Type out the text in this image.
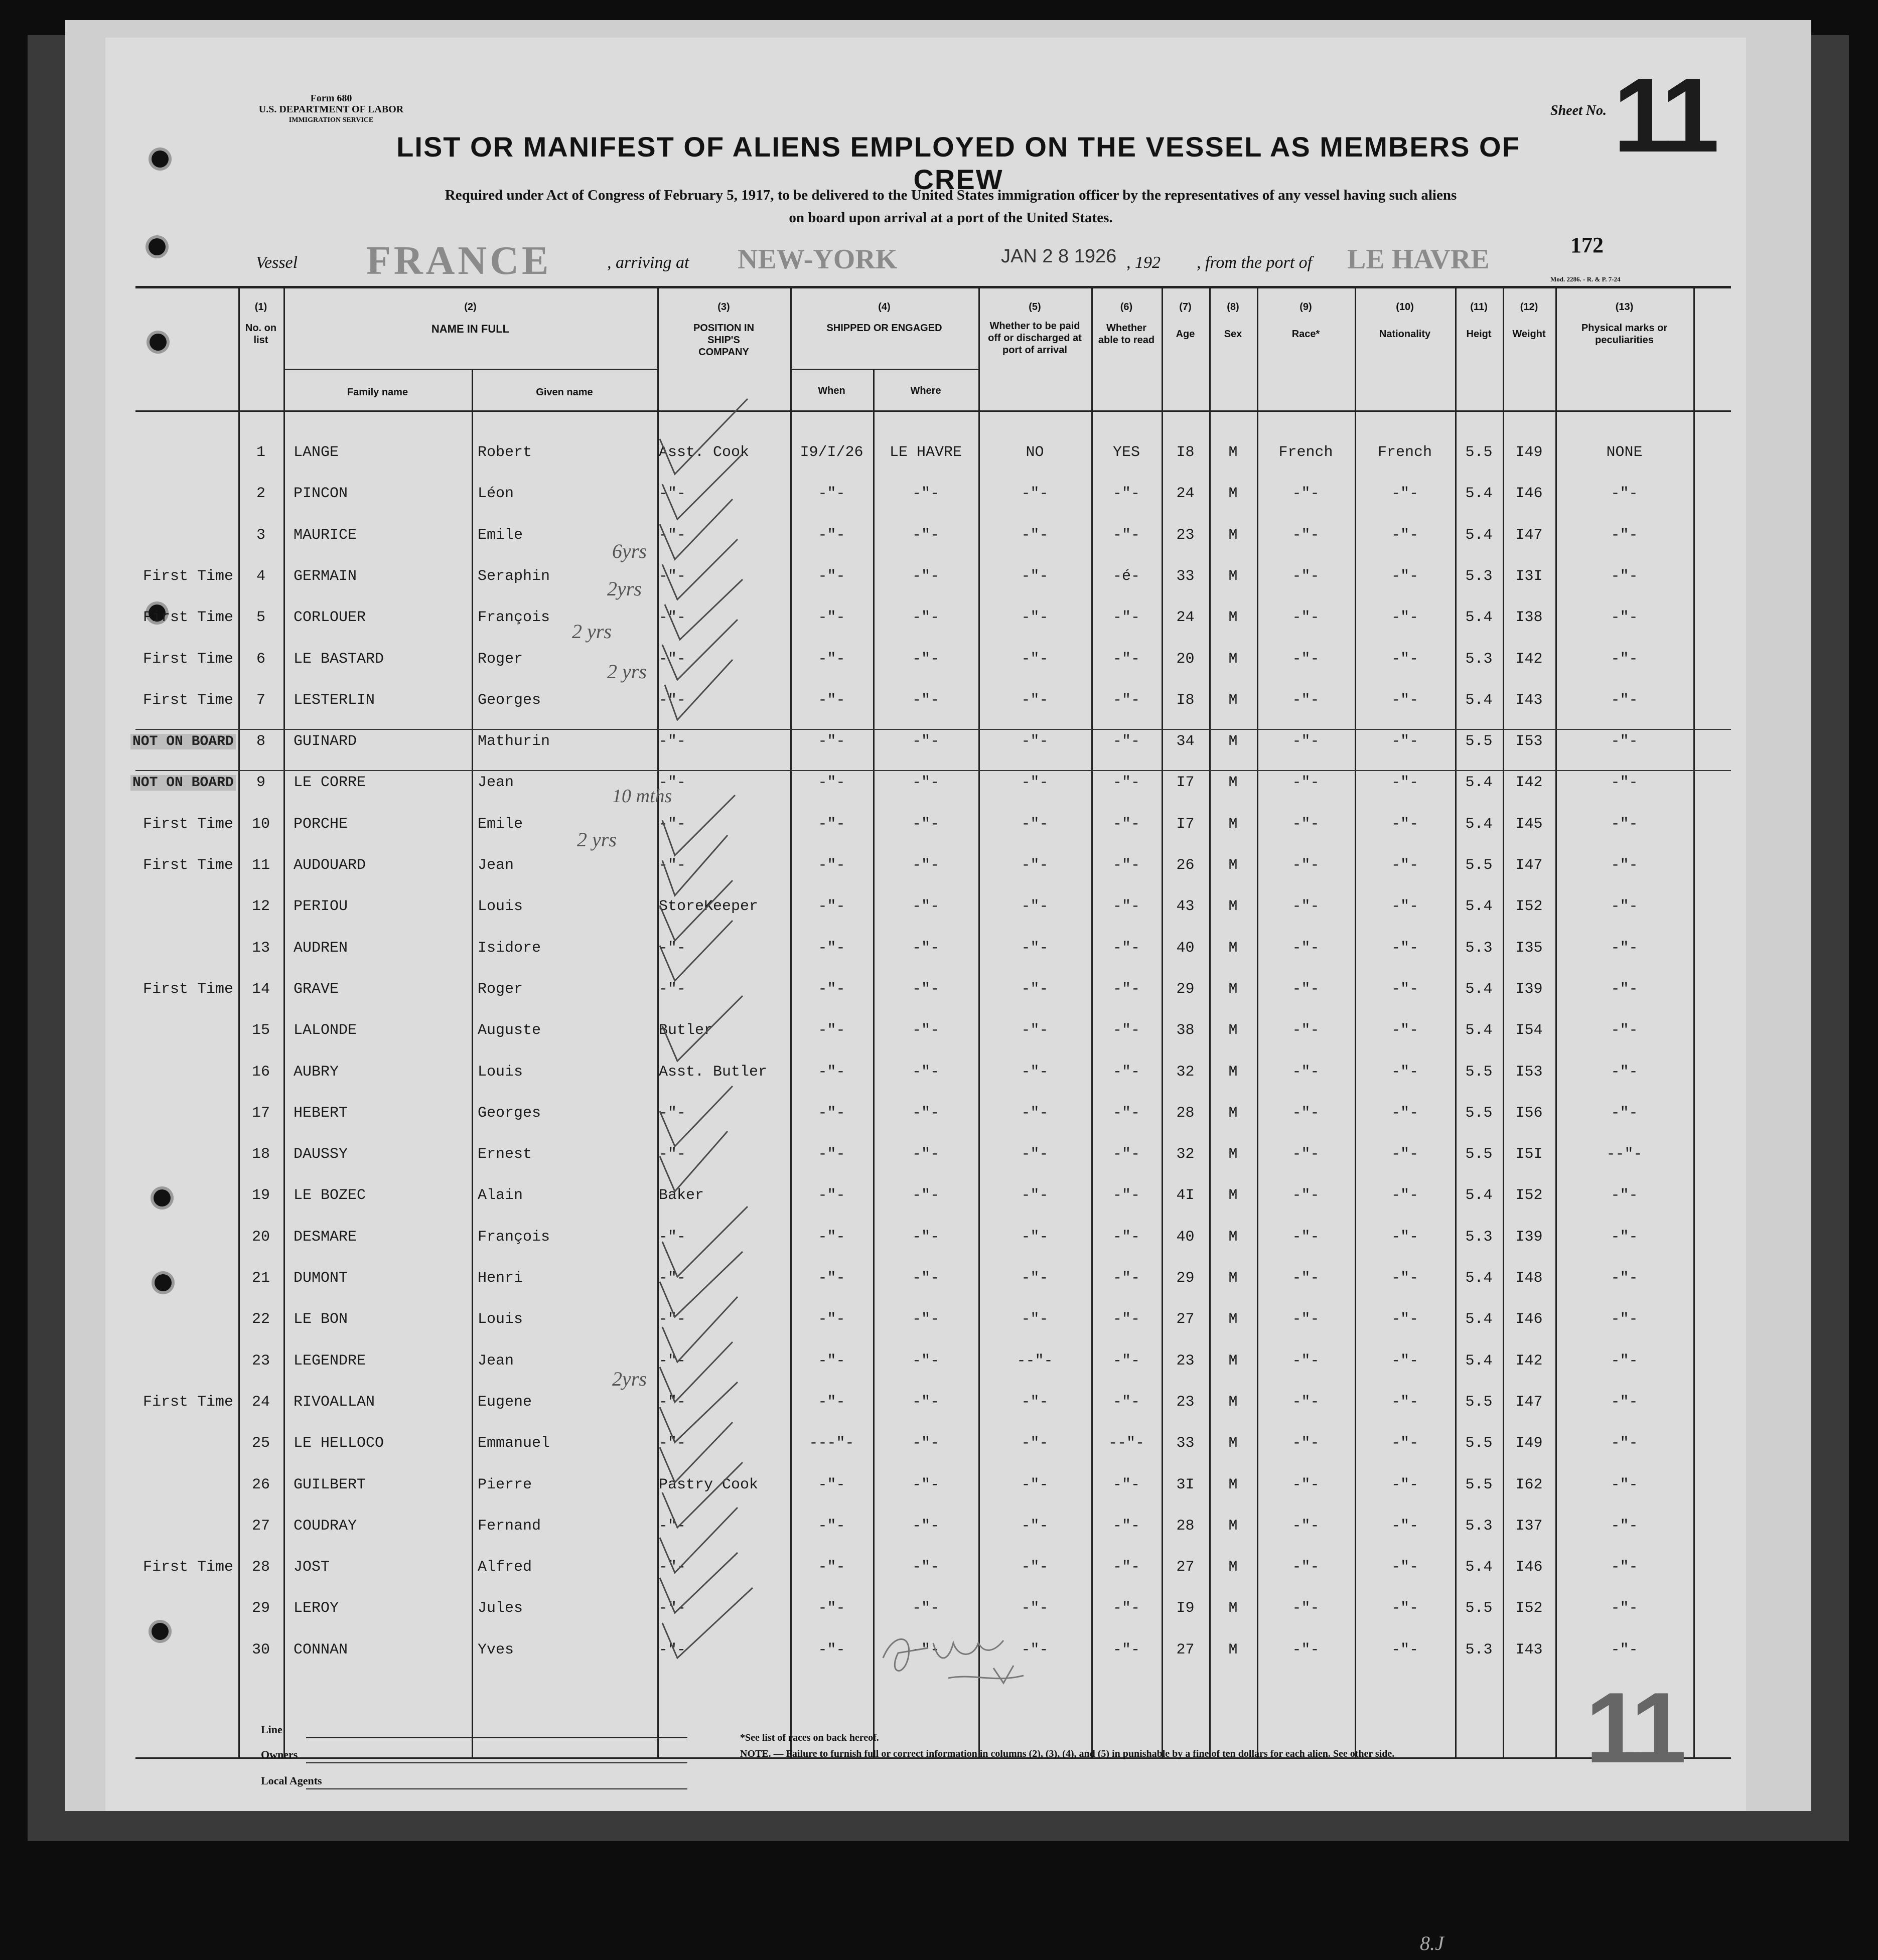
Form 680
U.S. DEPARTMENT OF LABOR
IMMIGRATION SERVICE
Sheet No. 11
LIST OR MANIFEST OF ALIENS EMPLOYED ON THE VESSEL AS MEMBERS OF CREW
Required under Act of Congress of February 5, 1917, to be delivered to the United States immigration officer by the representatives of any vessel having such aliens
on board upon arrival at a port of the United States.
172
Vessel FRANCE	, arriving at NEW-YORK	JAN 2 8 1926 , 192 , from the port of LE HAVRE
Mod. 2286. - R. & P. 7-24
(1)
No. on list
(2)
NAME IN FULL
Family name	Given name
(3)
POSITION IN SHIP'S COMPANY
(4)
SHIPPED OR ENGAGED
When	Where
(5)
Whether to be paid off or discharged at port of arrival
(6)
Whether able to read
(7)
Age
(8)
Sex
(9)
Race*
(10)
Nationality
(11)
Heigt
(12)
Weight
(13)
Physical marks or peculiarities
1	LANGE	Robert	Asst. Cook	I9/I/26	LE HAVRE	NO	YES	I8	M	French	French	5.5	I49	NONE
2	PINCON	Léon	-"-	-"-	-"-	-"-	-"-	24	M	-"-	-"-	5.4	I46	-"-
3	MAURICE	Emile	-"-	-"-	-"-	-"-	-"-	23	M	-"-	-"-	5.4	I47	-"-
First Time	4	GERMAIN	Seraphin	-"-	-"-	-"-	-"-	-é-	33	M	-"-	-"-	5.3	I3I	-"-
First Time	5	CORLOUER	François	-"-	-"-	-"-	-"-	-"-	24	M	-"-	-"-	5.4	I38	-"-
First Time	6	LE BASTARD	Roger	-"-	-"-	-"-	-"-	-"-	20	M	-"-	-"-	5.3	I42	-"-
First Time	7	LESTERLIN	Georges	-"-	-"-	-"-	-"-	-"-	I8	M	-"-	-"-	5.4	I43	-"-
NOT ON BOARD	8	GUINARD	Mathurin	-"-	-"-	-"-	-"-	-"-	34	M	-"-	-"-	5.5	I53	-"-
NOT ON BOARD	9	LE CORRE	Jean	-"-	-"-	-"-	-"-	-"-	I7	M	-"-	-"-	5.4	I42	-"-
First Time	10	PORCHE	Emile	-"-	-"-	-"-	-"-	-"-	I7	M	-"-	-"-	5.4	I45	-"-
First Time	11	AUDOUARD	Jean	-"-	-"-	-"-	-"-	-"-	26	M	-"-	-"-	5.5	I47	-"-
12	PERIOU	Louis	StoreKeeper	-"-	-"-	-"-	-"-	43	M	-"-	-"-	5.4	I52	-"-
13	AUDREN	Isidore	-"-	-"-	-"-	-"-	-"-	40	M	-"-	-"-	5.3	I35	-"-
First Time	14	GRAVE	Roger	-"-	-"-	-"-	-"-	-"-	29	M	-"-	-"-	5.4	I39	-"-
15	LALONDE	Auguste	Butler	-"-	-"-	-"-	-"-	38	M	-"-	-"-	5.4	I54	-"-
16	AUBRY	Louis	Asst. Butler	-"-	-"-	-"-	-"-	32	M	-"-	-"-	5.5	I53	-"-
17	HEBERT	Georges	-"-	-"-	-"-	-"-	-"-	28	M	-"-	-"-	5.5	I56	-"-
18	DAUSSY	Ernest	-"-	-"-	-"-	-"-	-"-	32	M	-"-	-"-	5.5	I5I	--"-
19	LE BOZEC	Alain	Baker	-"-	-"-	-"-	-"-	4I	M	-"-	-"-	5.4	I52	-"-
20	DESMARE	François	-"-	-"-	-"-	-"-	-"-	40	M	-"-	-"-	5.3	I39	-"-
21	DUMONT	Henri	-"-	-"-	-"-	-"-	-"-	29	M	-"-	-"-	5.4	I48	-"-
22	LE BON	Louis	-"-	-"-	-"-	-"-	-"-	27	M	-"-	-"-	5.4	I46	-"-
23	LEGENDRE	Jean	-"-	-"-	-"-	--"-	-"-	23	M	-"-	-"-	5.4	I42	-"-
First Time	24	RIVOALLAN	Eugene	-"-	-"-	-"-	-"-	-"-	23	M	-"-	-"-	5.5	I47	-"-
25	LE HELLOCO	Emmanuel	-"-	---"-	-"-	-"-	--"-	33	M	-"-	-"-	5.5	I49	-"-
26	GUILBERT	Pierre	Pastry Cook	-"-	-"-	-"-	-"-	3I	M	-"-	-"-	5.5	I62	-"-
27	COUDRAY	Fernand	-"-	-"-	-"-	-"-	-"-	28	M	-"-	-"-	5.3	I37	-"-
First Time	28	JOST	Alfred	-"-	-"-	-"-	-"-	-"-	27	M	-"-	-"-	5.4	I46	-"-
29	LEROY	Jules	-"-	-"-	-"-	-"-	-"-	I9	M	-"-	-"-	5.5	I52	-"-
30	CONNAN	Yves	-"-	-"-	-"-	-"-	-"-	27	M	-"-	-"-	5.3	I43	-"-
6yrs
2yrs
2 yrs
2 yrs
10 mths
2 yrs
2yrs
Line
Owners
Local Agents
*See list of races on back hereof.
NOTE. — Failure to furnish full or correct information in columns (2), (3), (4), and (5) in punishable by a fine of ten dollars for each alien. See other side.	11
8.J
